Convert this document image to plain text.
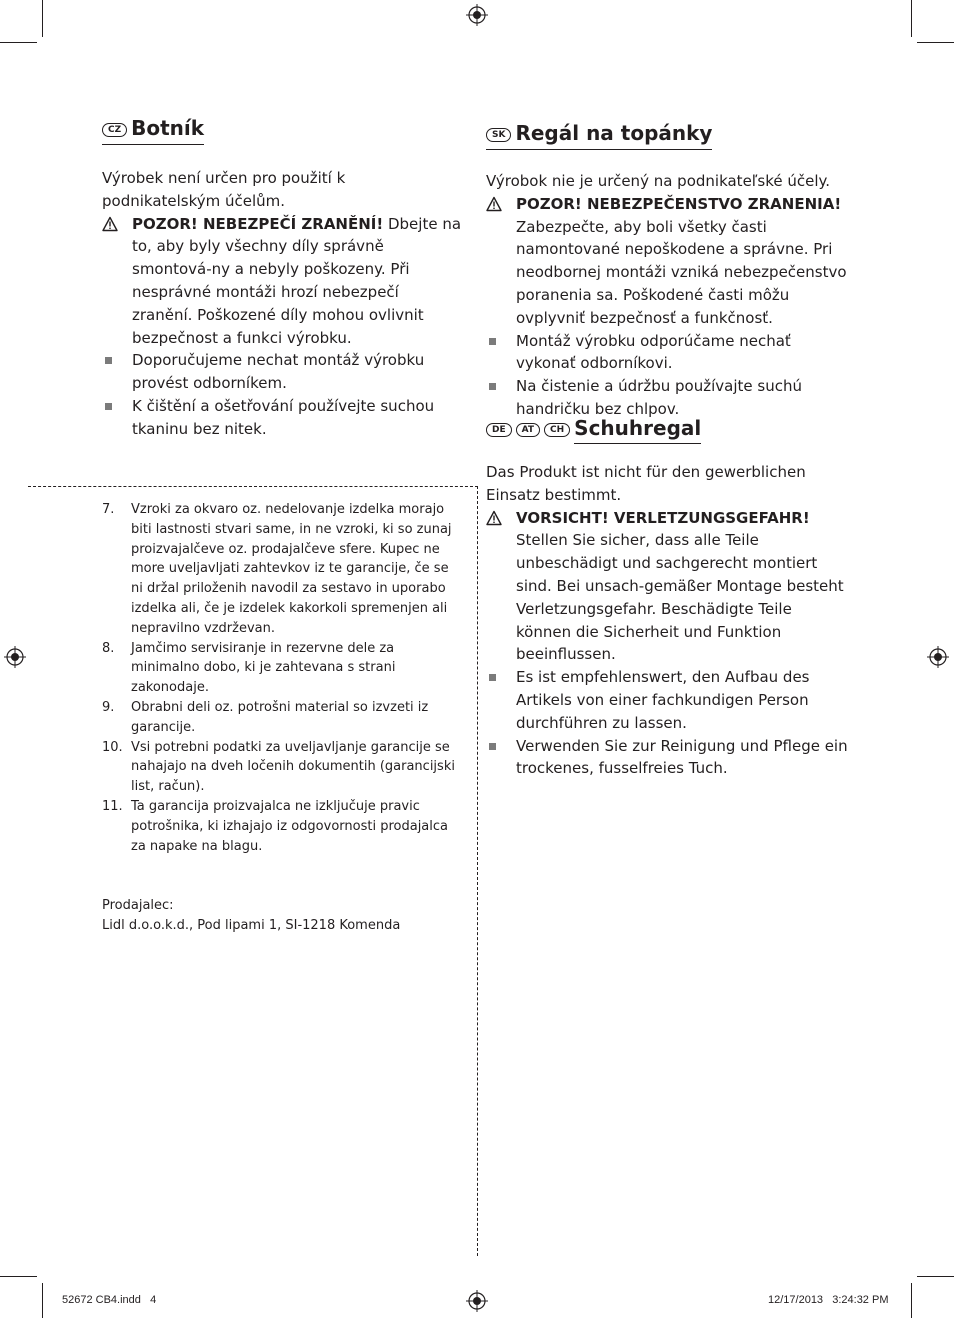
CZ Botník

Výrobek není určen pro použití k podnikatelským účelům.

POZOR! NEBEZPEČÍ ZRANĚNÍ! Dbejte na to, aby byly všechny díly správně smontová-ny a nebyly poškozeny. Při nesprávné montáži hrozí nebezpečí zranění. Poškozené díly mohou ovlivnit bezpečnost a funkci výrobku.
Doporučujeme nechat montáž výrobku provést odborníkem.
K čištění a ošetřování používejte suchou tkaninu bez nitek.
SK Regál na topánky

Výrobok nie je určený na podnikateľské účely.

POZOR! NEBEZPEČENSTVO ZRANENIA!
Zabezpečte, aby boli všetky časti namontované nepoškodene a správne. Pri neodbornej montáži vzniká nebezpečenstvo poranenia sa. Poškodené časti môžu ovplyvniť bezpečnosť a funkčnosť.
Montáž výrobku odporúčame nechať vykonať odborníkovi.
Na čistenie a údržbu používajte suchú handričku bez chlpov.
DE AT CH Schuhregal

Das Produkt ist nicht für den gewerblichen Einsatz bestimmt.

VORSICHT! VERLETZUNGSGEFAHR!
Stellen Sie sicher, dass alle Teile unbeschädigt und sachgerecht montiert sind. Bei unsach-gemäßer Montage besteht Verletzungsgefahr. Beschädigte Teile können die Sicherheit und Funktion beeinflussen.
Es ist empfehlenswert, den Aufbau des Artikels von einer fachkundigen Person durchführen zu lassen.
Verwenden Sie zur Reinigung und Pflege ein trockenes, fusselfreies Tuch.
7. Vzroki za okvaro oz. nedelovanje izdelka morajo biti lastnosti stvari same, in ne vzroki, ki so zunaj proizvajalčeve oz. prodajalčeve sfere. Kupec ne more uveljavljati zahtevkov iz te garancije, če se ni držal priloženih navodil za sestavo in uporabo izdelka ali, če je izdelek kakorkoli spremenjen ali nepravilno vzdrževan.
8. Jamčimo servisiranje in rezervne dele za minimalno dobo, ki je zahtevana s strani zakonodaje.
9. Obrabni deli oz. potrošni material so izvzeti iz garancije.
10. Vsi potrebni podatki za uveljavljanje garancije se nahajajo na dveh ločenih dokumentih (garancijski list, račun).
11. Ta garancija proizvajalca ne izključuje pravic potrošnika, ki izhajajo iz odgovornosti prodajalca za napake na blagu.
Prodajalec:
Lidl d.o.o.k.d., Pod lipami 1, SI-1218 Komenda
52672 CB4.indd   4	12/17/2013   3:24:32 PM
